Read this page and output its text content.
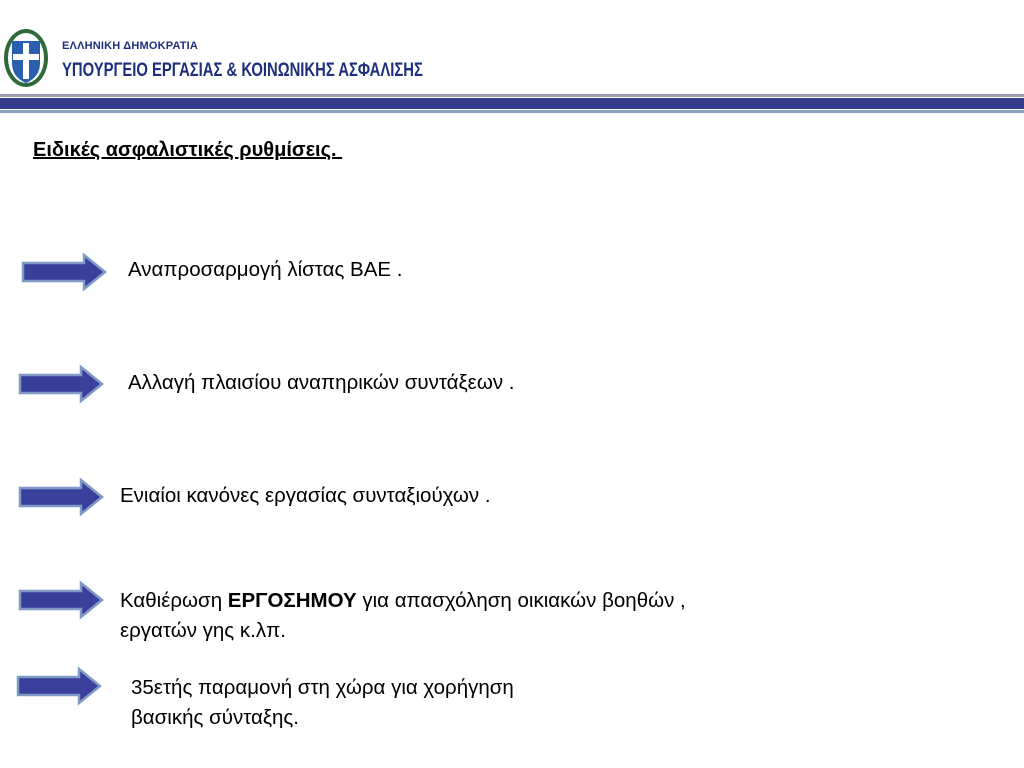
ΕΛΛΗΝΙΚΗ ΔΗΜΟΚΡΑΤΙΑ
ΥΠΟΥΡΓΕΙΟ ΕΡΓΑΣΙΑΣ & ΚΟΙΝΩΝΙΚΗΣ ΑΣΦΑΛΙΣΗΣ
Ειδικές ασφαλιστικές ρυθμίσεις.
Αναπροσαρμογή λίστας ΒΑΕ .
Αλλαγή πλαισίου αναπηρικών συντάξεων .
Ενιαίοι κανόνες εργασίας συνταξιούχων .
Καθιέρωση ΕΡΓΟΣΗΜΟΥ για απασχόληση οικιακών βοηθών ,
εργατών γης κ.λπ.
35ετής παραμονή στη χώρα για χορήγηση
βασικής σύνταξης.
